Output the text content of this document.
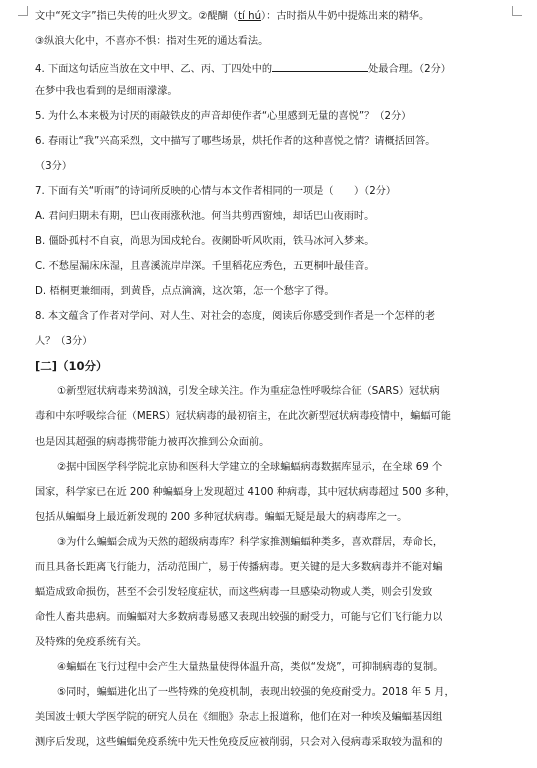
文中“死文字”指已失传的吐火罗文。②醍醐（tí hú）：古时指从牛奶中提炼出来的精华。
③纵浪大化中，不喜亦不惧：指对生死的通达看法。
4. 下面这句话应当放在文中甲、乙、丙、丁四处中的	处最合理。（2分）
在梦中我也看到的是细雨濛濛。
5. 为什么本来极为讨厌的雨敲铁皮的声音却使作者“心里感到无量的喜悦”？（2分）
6. 春雨让“我”兴高采烈，文中描写了哪些场景，烘托作者的这种喜悦之情？请概括回答。
（3分）
7. 下面有关“听雨”的诗词所反映的心情与本文作者相同的一项是（　　）（2分）
A. 君问归期未有期，巴山夜雨涨秋池。何当共剪西窗烛，却话巴山夜雨时。
B. 僵卧孤村不自哀，尚思为国戍轮台。夜阑卧听风吹雨，铁马冰河入梦来。
C. 不愁屋漏床床湿，且喜溪流岸岸深。千里稻花应秀色，五更桐叶最佳音。
D. 梧桐更兼细雨，到黄昏，点点滴滴，这次第，怎一个愁字了得。
8. 本文蕴含了作者对学问、对人生、对社会的态度，阅读后你感受到作者是一个怎样的老
人？（3分）
[二]（10分）
①新型冠状病毒来势汹汹，引发全球关注。作为重症急性呼吸综合征（SARS）冠状病
毒和中东呼吸综合征（MERS）冠状病毒的最初宿主，在此次新型冠状病毒疫情中，蝙蝠可能
也是因其超强的病毒携带能力被再次推到公众面前。
②据中国医学科学院北京协和医科大学建立的全球蝙蝠病毒数据库显示，在全球 69 个
国家，科学家已在近 200 种蝙蝠身上发现超过 4100 种病毒，其中冠状病毒超过 500 多种，
包括从蝙蝠身上最近新发现的 200 多种冠状病毒。蝙蝠无疑是最大的病毒库之一。
③为什么蝙蝠会成为天然的超级病毒库？科学家推测蝙蝠种类多，喜欢群居，寿命长，
而且具备长距离飞行能力，活动范围广，易于传播病毒。更关键的是大多数病毒并不能对蝙
蝠造成致命损伤，甚至不会引发轻度症状，而这些病毒一旦感染动物或人类，则会引发致
命性人畜共患病。而蝙蝠对大多数病毒易感又表现出较强的耐受力，可能与它们飞行能力以
及特殊的免疫系统有关。
④蝙蝠在飞行过程中会产生大量热量使得体温升高，类似“发烧”，可抑制病毒的复制。
⑤同时，蝙蝠进化出了一些特殊的免疫机制，表现出较强的免疫耐受力。2018 年 5 月，
美国波士顿大学医学院的研究人员在《细胞》杂志上报道称，他们在对一种埃及蝙蝠基因组
测序后发现，这些蝙蝠免疫系统中先天性免疫反应被削弱，只会对入侵病毒采取较为温和的
